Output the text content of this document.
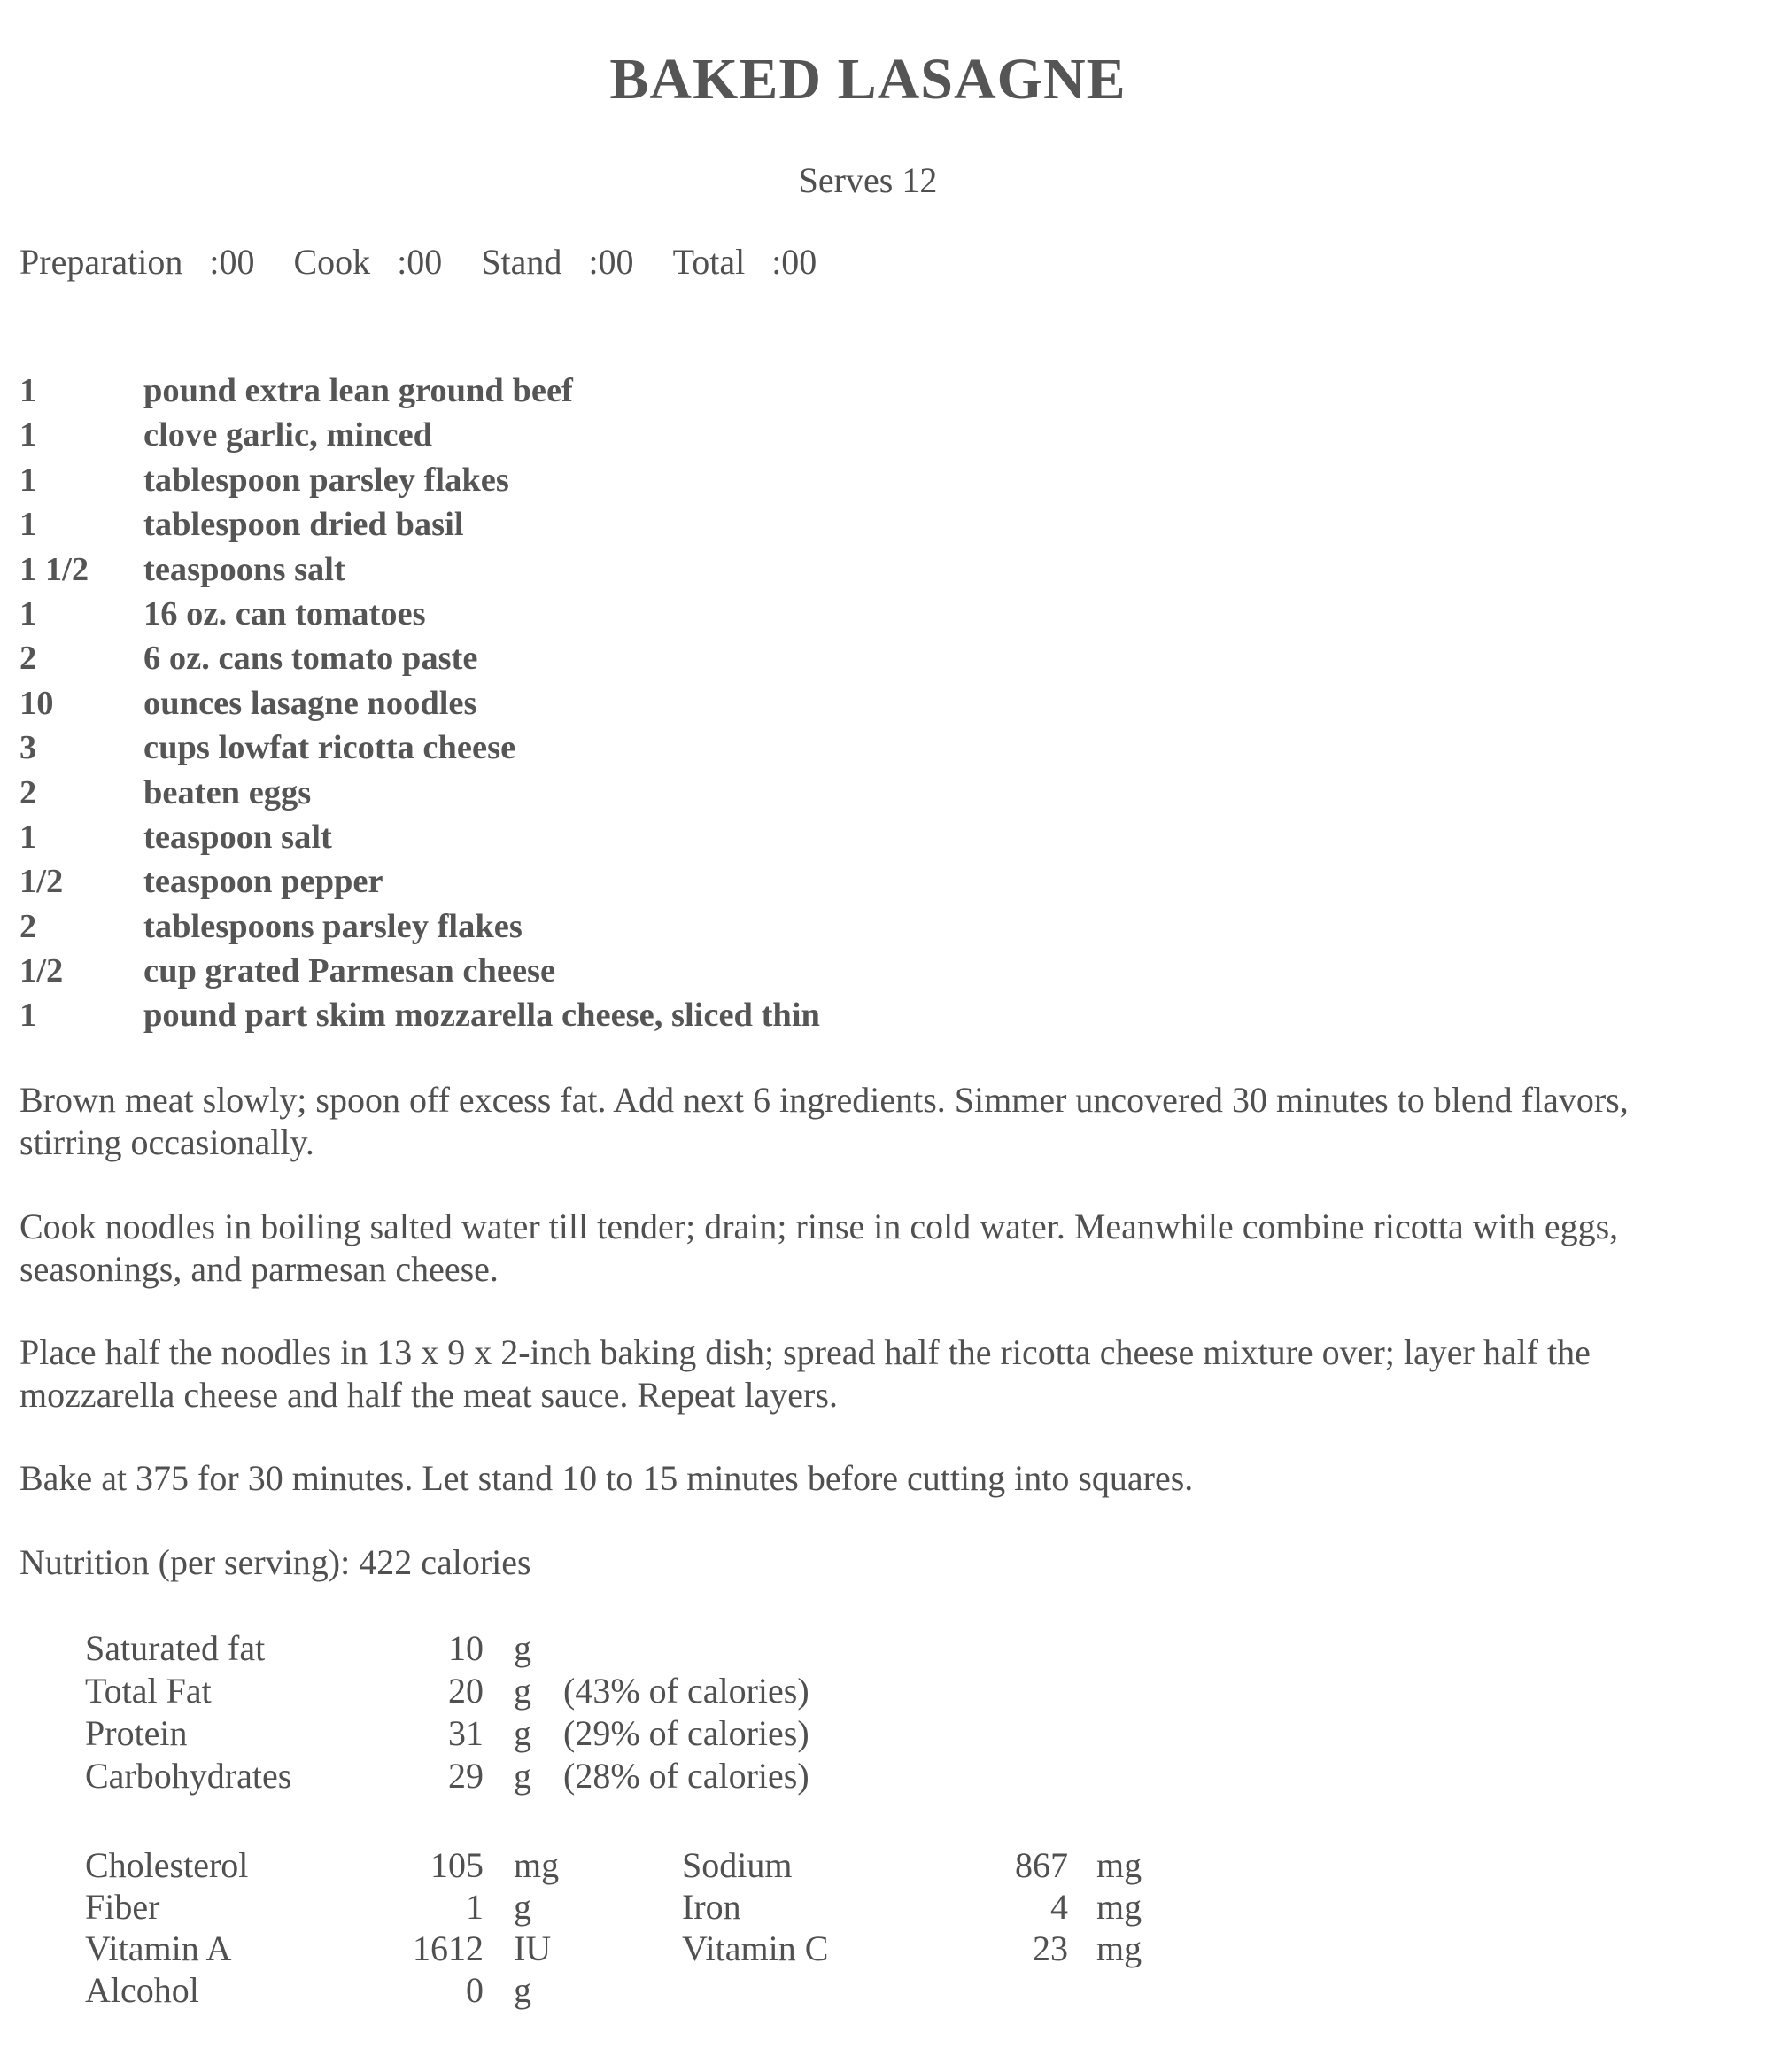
BAKED LASAGNE
Serves 12
Preparation :00 Cook :00 Stand :00 Total :00
1	pound extra lean ground beef
1	clove garlic, minced
1	tablespoon parsley flakes
1	tablespoon dried basil
1 1/2	teaspoons salt
1	16 oz. can tomatoes
2	6 oz. cans tomato paste
10	ounces lasagne noodles
3	cups lowfat ricotta cheese
2	beaten eggs
1	teaspoon salt
1/2	teaspoon pepper
2	tablespoons parsley flakes
1/2	cup grated Parmesan cheese
1	pound part skim mozzarella cheese, sliced thin
Brown meat slowly; spoon off excess fat. Add next 6 ingredients. Simmer uncovered 30 minutes to blend flavors, stirring occasionally.
Cook noodles in boiling salted water till tender; drain; rinse in cold water. Meanwhile combine ricotta with eggs, seasonings, and parmesan cheese.
Place half the noodles in 13 x 9 x 2-inch baking dish; spread half the ricotta cheese mixture over; layer half the mozzarella cheese and half the meat sauce. Repeat layers.
Bake at 375 for 30 minutes. Let stand 10 to 15 minutes before cutting into squares.
Nutrition (per serving): 422 calories
Saturated fat	10 g
Total Fat	20 g (43% of calories)
Protein	31 g (29% of calories)
Carbohydrates	29 g (28% of calories)
Cholesterol	105 mg	Sodium	867 mg
Fiber	1 g	Iron	4 mg
Vitamin A	1612 IU	Vitamin C	23 mg
Alcohol	0 g
